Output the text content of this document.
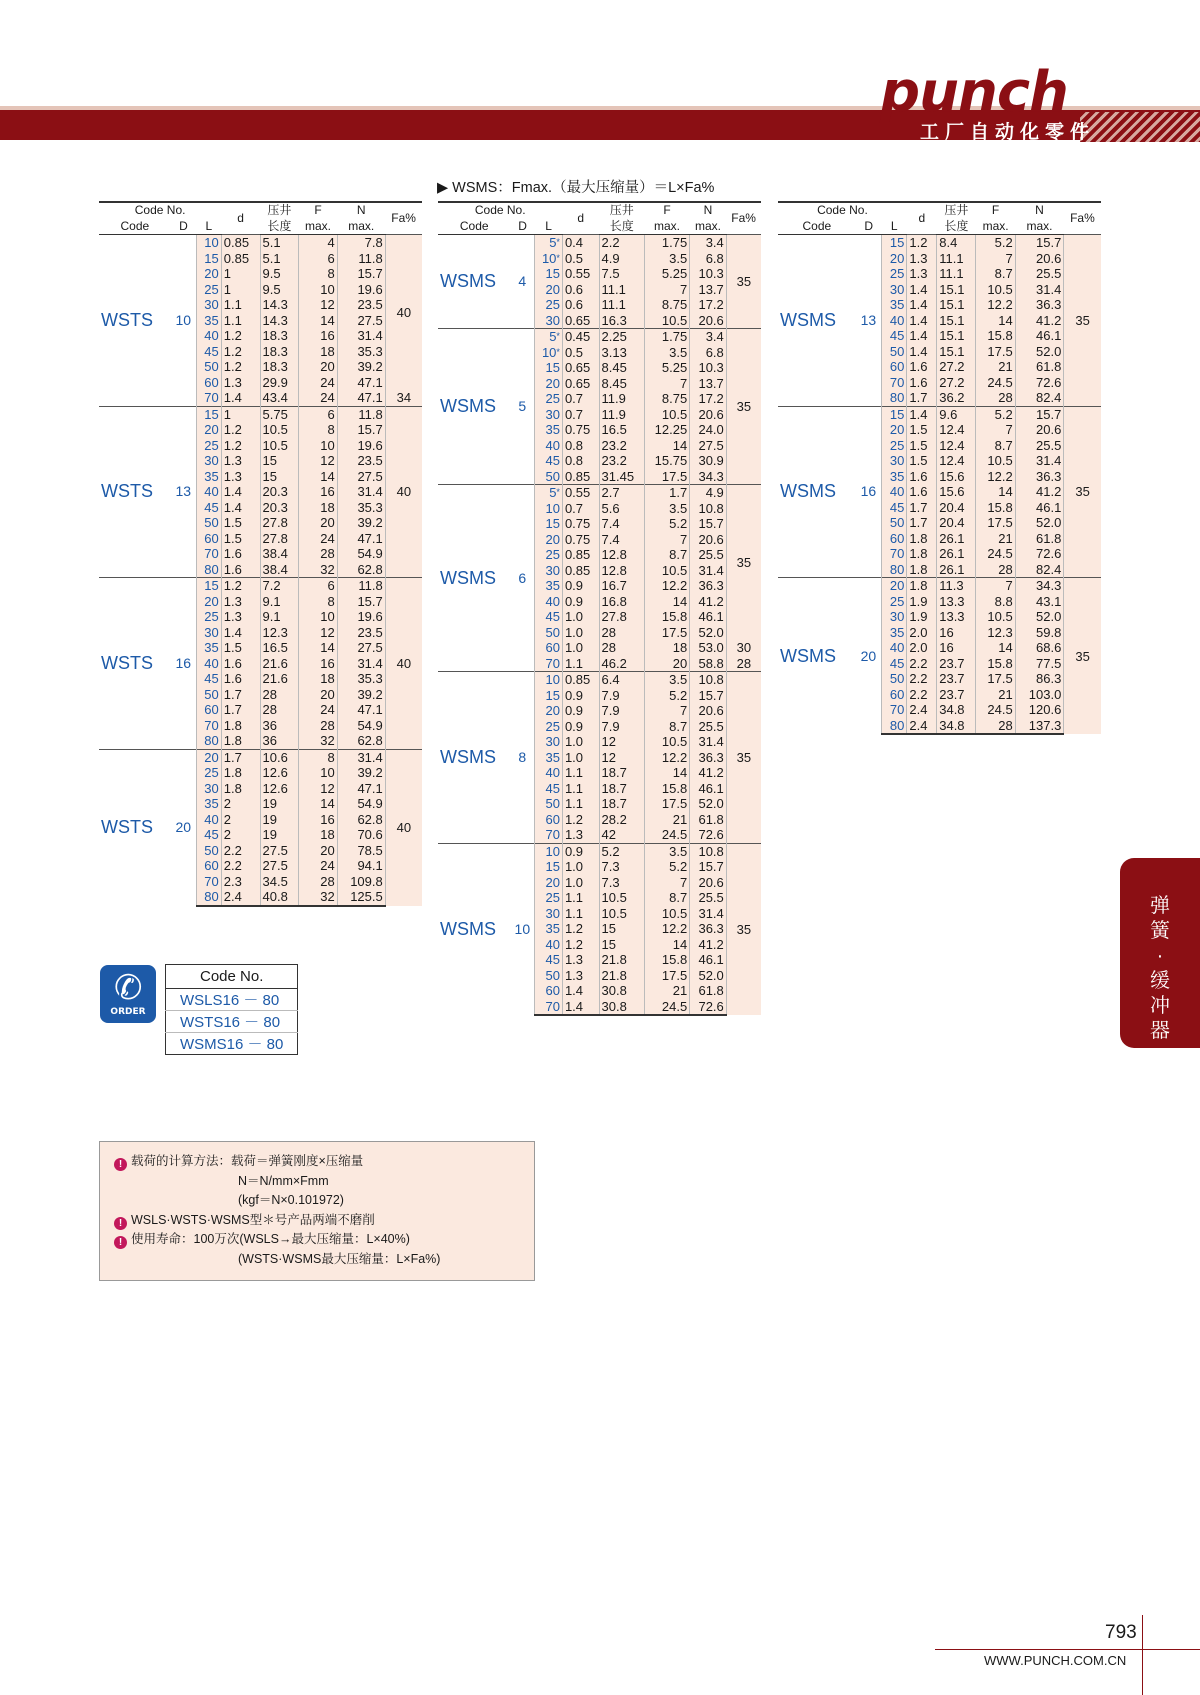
punch
工厂自动化零件
▶ WSMS：Fmax.（最大压缩量）＝L×Fa%
Code No.			d	压井	F	N	Fa%
Code	D	L		长度	max.	max.	
WSTS	10	10	0.85	5.1	4	7.8	40
		15	0.85	5.1	6	11.8	
		20	1	9.5	8	15.7	
		25	1	9.5	10	19.6	
		30	1.1	14.3	12	23.5	
		35	1.1	14.3	14	27.5	
		40	1.2	18.3	16	31.4	
		45	1.2	18.3	18	35.3	
		50	1.2	18.3	20	39.2	
		60	1.3	29.9	24	47.1	
		70	1.4	43.4	24	47.1	34
WSTS	13	15	1	5.75	6	11.8	40
		20	1.2	10.5	8	15.7	
		25	1.2	10.5	10	19.6	
		30	1.3	15	12	23.5	
		35	1.3	15	14	27.5	
		40	1.4	20.3	16	31.4	
		45	1.4	20.3	18	35.3	
		50	1.5	27.8	20	39.2	
		60	1.5	27.8	24	47.1	
		70	1.6	38.4	28	54.9	
		80	1.6	38.4	32	62.8	
WSTS	16	15	1.2	7.2	6	11.8	40
		20	1.3	9.1	8	15.7	
		25	1.3	9.1	10	19.6	
		30	1.4	12.3	12	23.5	
		35	1.5	16.5	14	27.5	
		40	1.6	21.6	16	31.4	
		45	1.6	21.6	18	35.3	
		50	1.7	28	20	39.2	
		60	1.7	28	24	47.1	
		70	1.8	36	28	54.9	
		80	1.8	36	32	62.8	
WSTS	20	20	1.7	10.6	8	31.4	40
		25	1.8	12.6	10	39.2	
		30	1.8	12.6	12	47.1	
		35	2	19	14	54.9	
		40	2	19	16	62.8	
		45	2	19	18	70.6	
		50	2.2	27.5	20	78.5	
		60	2.2	27.5	24	94.1	
		70	2.3	34.5	28	109.8	
		80	2.4	40.8	32	125.5	
Code No.			d	压井	F	N	Fa%
Code	D	L		长度	max.	max.	
WSMS	4	5*	0.4	2.2	1.75	3.4	35
		10*	0.5	4.9	3.5	6.8	
		15	0.55	7.5	5.25	10.3	
		20	0.6	11.1	7	13.7	
		25	0.6	11.1	8.75	17.2	
		30	0.65	16.3	10.5	20.6	
WSMS	5	5*	0.45	2.25	1.75	3.4	35
		10*	0.5	3.13	3.5	6.8	
		15	0.65	8.45	5.25	10.3	
		20	0.65	8.45	7	13.7	
		25	0.7	11.9	8.75	17.2	
		30	0.7	11.9	10.5	20.6	
		35	0.75	16.5	12.25	24.0	
		40	0.8	23.2	14	27.5	
		45	0.8	23.2	15.75	30.9	
		50	0.85	31.45	17.5	34.3	
WSMS	6	5*	0.55	2.7	1.7	4.9	35
		10	0.7	5.6	3.5	10.8	
		15	0.75	7.4	5.2	15.7	
		20	0.75	7.4	7	20.6	
		25	0.85	12.8	8.7	25.5	
		30	0.85	12.8	10.5	31.4	
		35	0.9	16.7	12.2	36.3	
		40	0.9	16.8	14	41.2	
		45	1.0	27.8	15.8	46.1	
		50	1.0	28	17.5	52.0	
		60	1.0	28	18	53.0	30
		70	1.1	46.2	20	58.8	28
WSMS	8	10	0.85	6.4	3.5	10.8	35
		15	0.9	7.9	5.2	15.7	
		20	0.9	7.9	7	20.6	
		25	0.9	7.9	8.7	25.5	
		30	1.0	12	10.5	31.4	
		35	1.0	12	12.2	36.3	
		40	1.1	18.7	14	41.2	
		45	1.1	18.7	15.8	46.1	
		50	1.1	18.7	17.5	52.0	
		60	1.2	28.2	21	61.8	
		70	1.3	42	24.5	72.6	
WSMS	10	10	0.9	5.2	3.5	10.8	35
		15	1.0	7.3	5.2	15.7	
		20	1.0	7.3	7	20.6	
		25	1.1	10.5	8.7	25.5	
		30	1.1	10.5	10.5	31.4	
		35	1.2	15	12.2	36.3	
		40	1.2	15	14	41.2	
		45	1.3	21.8	15.8	46.1	
		50	1.3	21.8	17.5	52.0	
		60	1.4	30.8	21	61.8	
		70	1.4	30.8	24.5	72.6	
Code No.			d	压井	F	N	Fa%
Code	D	L		长度	max.	max.	
WSMS	13	15	1.2	8.4	5.2	15.7	35
		20	1.3	11.1	7	20.6	
		25	1.3	11.1	8.7	25.5	
		30	1.4	15.1	10.5	31.4	
		35	1.4	15.1	12.2	36.3	
		40	1.4	15.1	14	41.2	
		45	1.4	15.1	15.8	46.1	
		50	1.4	15.1	17.5	52.0	
		60	1.6	27.2	21	61.8	
		70	1.6	27.2	24.5	72.6	
		80	1.7	36.2	28	82.4	
WSMS	16	15	1.4	9.6	5.2	15.7	35
		20	1.5	12.4	7	20.6	
		25	1.5	12.4	8.7	25.5	
		30	1.5	12.4	10.5	31.4	
		35	1.6	15.6	12.2	36.3	
		40	1.6	15.6	14	41.2	
		45	1.7	20.4	15.8	46.1	
		50	1.7	20.4	17.5	52.0	
		60	1.8	26.1	21	61.8	
		70	1.8	26.1	24.5	72.6	
		80	1.8	26.1	28	82.4	
WSMS	20	20	1.8	11.3	7	34.3	35
		25	1.9	13.3	8.8	43.1	
		30	1.9	13.3	10.5	52.0	
		35	2.0	16	12.3	59.8	
		40	2.0	16	14	68.6	
		45	2.2	23.7	15.8	77.5	
		50	2.2	23.7	17.5	86.3	
		60	2.2	23.7	21	103.0	
		70	2.4	34.8	24.5	120.6	
		80	2.4	34.8	28	137.3	
✆
ORDER
Code No.
WSLS16 － 80
WSTS16 － 80
WSMS16 － 80
弹簧·缓冲器
! 载荷的计算方法：载荷＝弹簧刚度×压缩量
N＝N/mm×Fmm
(kgf＝N×0.101972)
! WSLS·WSTS·WSMS型＊号产品两端不磨削
! 使用寿命：100万次(WSLS→最大压缩量：L×40%)
(WSTS·WSMS最大压缩量：L×Fa%)
793
WWW.PUNCH.COM.CN
